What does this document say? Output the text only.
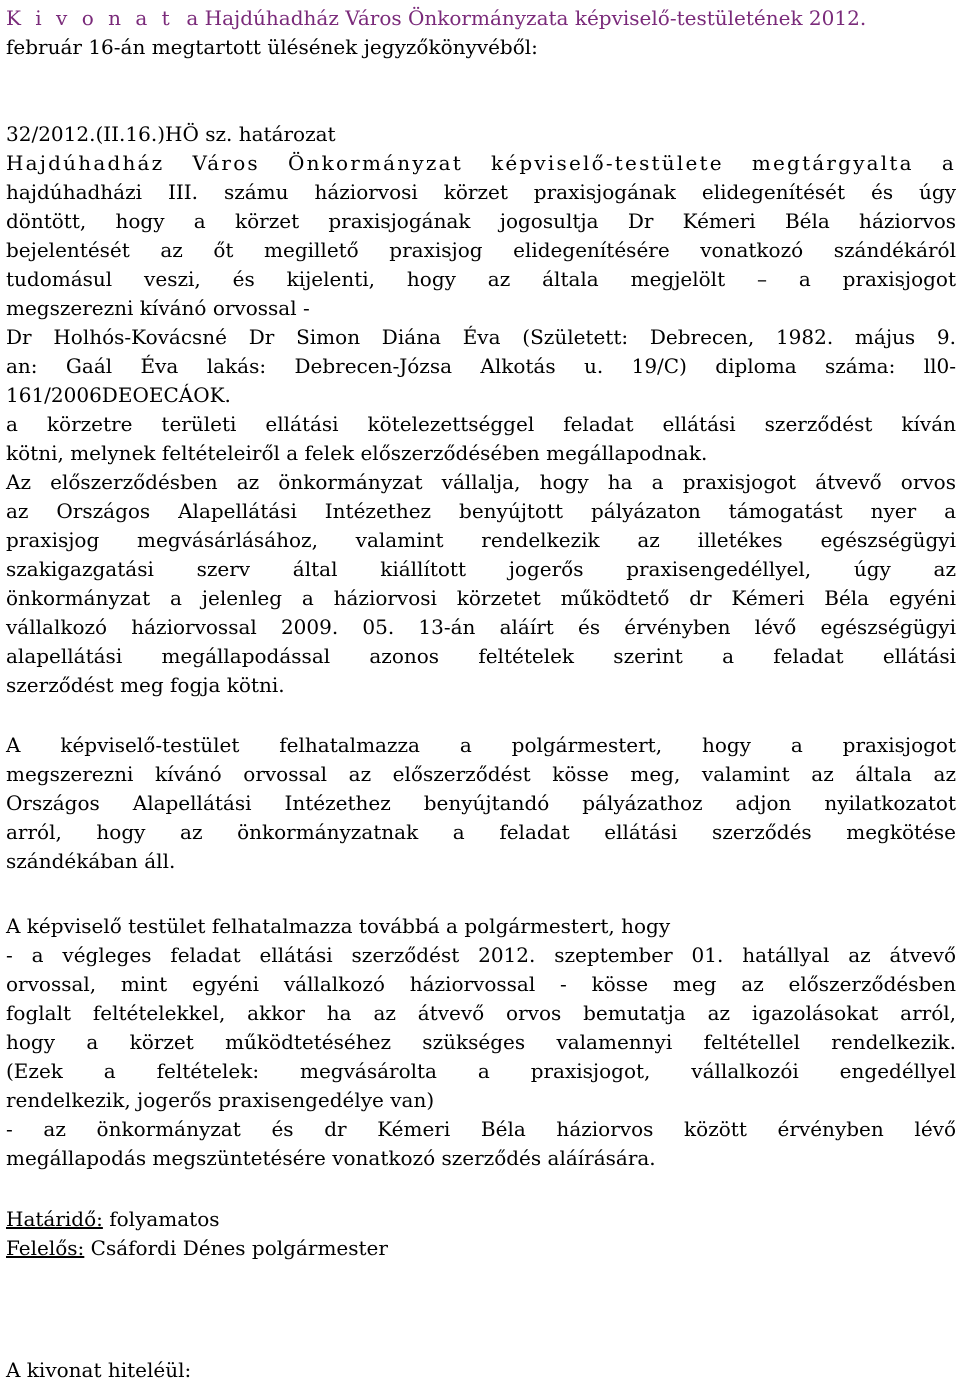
K i v o n a t a Hajdúhadház Város Önkormányzata képviselő-testületének 2012.
február 16-án megtartott ülésének jegyzőkönyvéből:
32/2012.(II.16.)HÖ sz. határozat
Hajdúhadház Város Önkormányzat képviselő-testülete megtárgyalta a
hajdúhadházi III. számu háziorvosi körzet praxisjogának elidegenítését és úgy
döntött, hogy a körzet praxisjogának jogosultja Dr Kémeri Béla háziorvos
bejelentését az őt megillető praxisjog elidegenítésére vonatkozó szándékáról
tudomásul veszi, és kijelenti, hogy az általa megjelölt – a praxisjogot
megszerezni kívánó orvossal -
Dr Holhós-Kovácsné Dr Simon Diána Éva (Született: Debrecen, 1982. május 9.
an: Gaál Éva lakás: Debrecen-Józsa Alkotás u. 19/C) diploma száma: ll0-
161/2006DEOECÁOK.
a körzetre területi ellátási kötelezettséggel feladat ellátási szerződést kíván
kötni, melynek feltételeiről a felek előszerződésében megállapodnak.
Az előszerződésben az önkormányzat vállalja, hogy ha a praxisjogot átvevő orvos
az Országos Alapellátási Intézethez benyújtott pályázaton támogatást nyer a
praxisjog megvásárlásához, valamint rendelkezik az illetékes egészségügyi
szakigazgatási szerv által kiállított jogerős praxisengedéllyel, úgy az
önkormányzat a jelenleg a háziorvosi körzetet működtető dr Kémeri Béla egyéni
vállalkozó háziorvossal 2009. 05. 13-án aláírt és érvényben lévő egészségügyi
alapellátási megállapodással azonos feltételek szerint a feladat ellátási
szerződést meg fogja kötni.
A képviselő-testület felhatalmazza a polgármestert, hogy a praxisjogot
megszerezni kívánó orvossal az előszerződést kösse meg, valamint az általa az
Országos Alapellátási Intézethez benyújtandó pályázathoz adjon nyilatkozatot
arról, hogy az önkormányzatnak a feladat ellátási szerződés megkötése
szándékában áll.
A képviselő testület felhatalmazza továbbá a polgármestert, hogy
- a végleges feladat ellátási szerződést 2012. szeptember 01. hatállyal az átvevő
orvossal, mint egyéni vállalkozó háziorvossal - kösse meg az előszerződésben
foglalt feltételekkel, akkor ha az átvevő orvos bemutatja az igazolásokat arról,
hogy a körzet működtetéséhez szükséges valamennyi feltétellel rendelkezik.
(Ezek a feltételek: megvásárolta a praxisjogot, vállalkozói engedéllyel
rendelkezik, jogerős praxisengedélye van)
- az önkormányzat és dr Kémeri Béla háziorvos között érvényben lévő
megállapodás megszüntetésére vonatkozó szerződés aláírására.
Határidő: folyamatos
Felelős: Csáfordi Dénes polgármester
A kivonat hiteléül:
